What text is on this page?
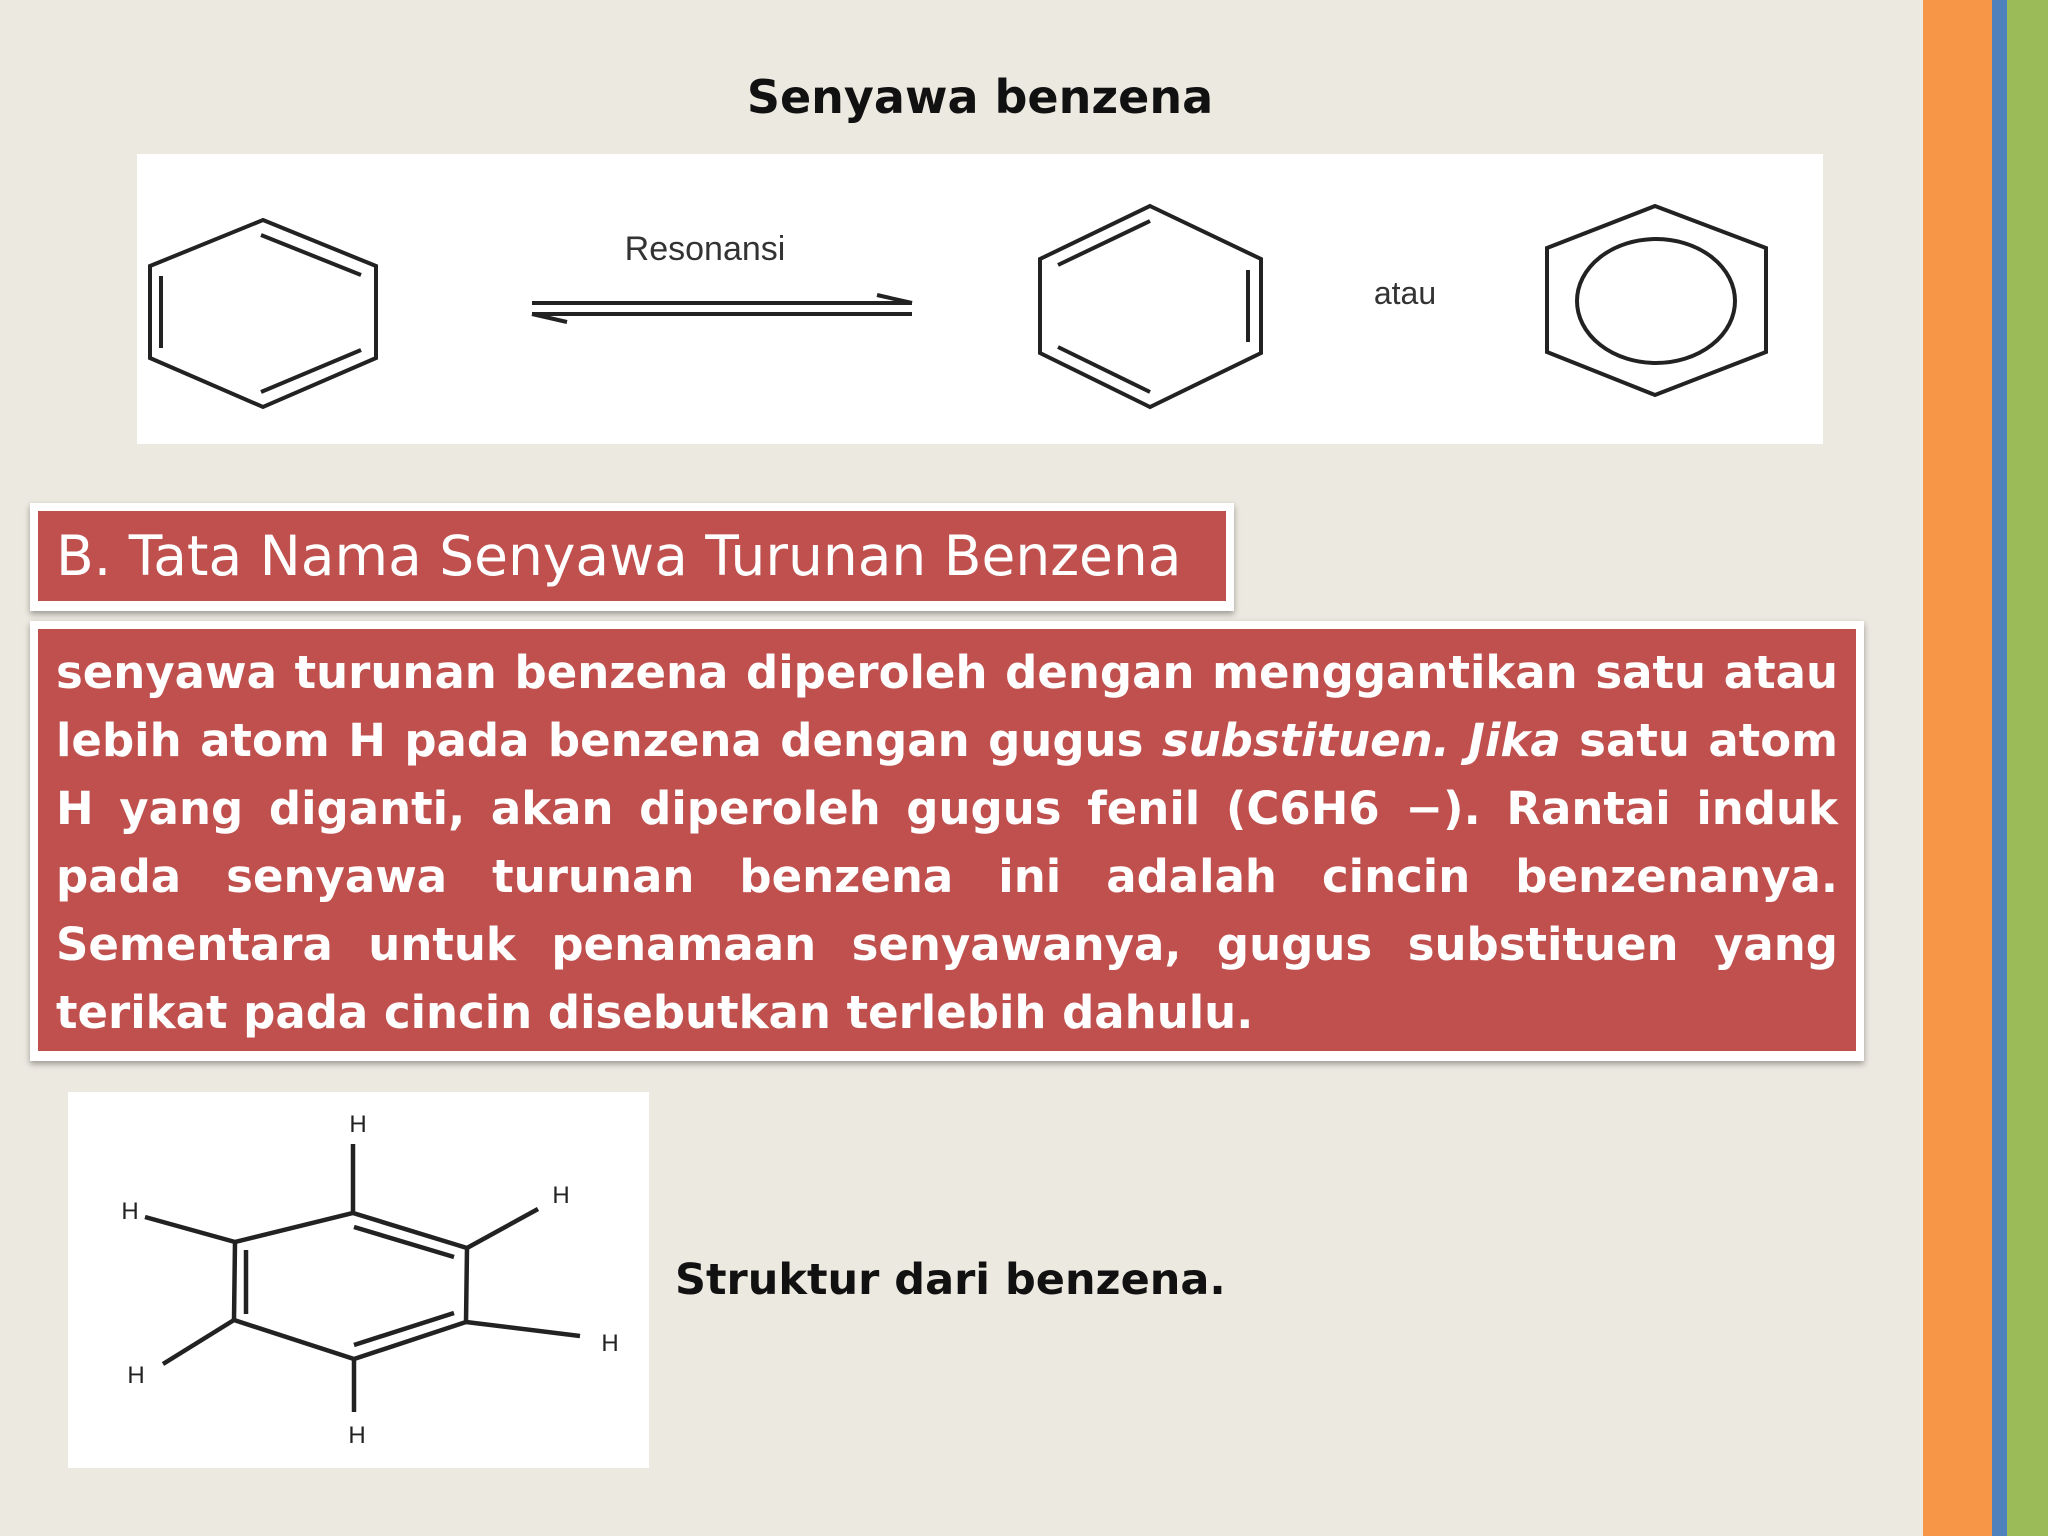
Senyawa benzena
Resonansi
atau
B. Tata Nama Senyawa Turunan Benzena
senyawa turunan benzena diperoleh dengan menggantikan satu atau lebih atom H pada benzena dengan gugus substituen. Jika satu atom H yang diganti, akan diperoleh gugus fenil (C6H6 −). Rantai induk pada senyawa turunan benzena ini adalah cincin benzenanya. Sementara untuk penamaan senyawanya, gugus substituen yang terikat pada cincin disebutkan terlebih dahulu.
H
H
H
H
H
H
Struktur dari benzena.
